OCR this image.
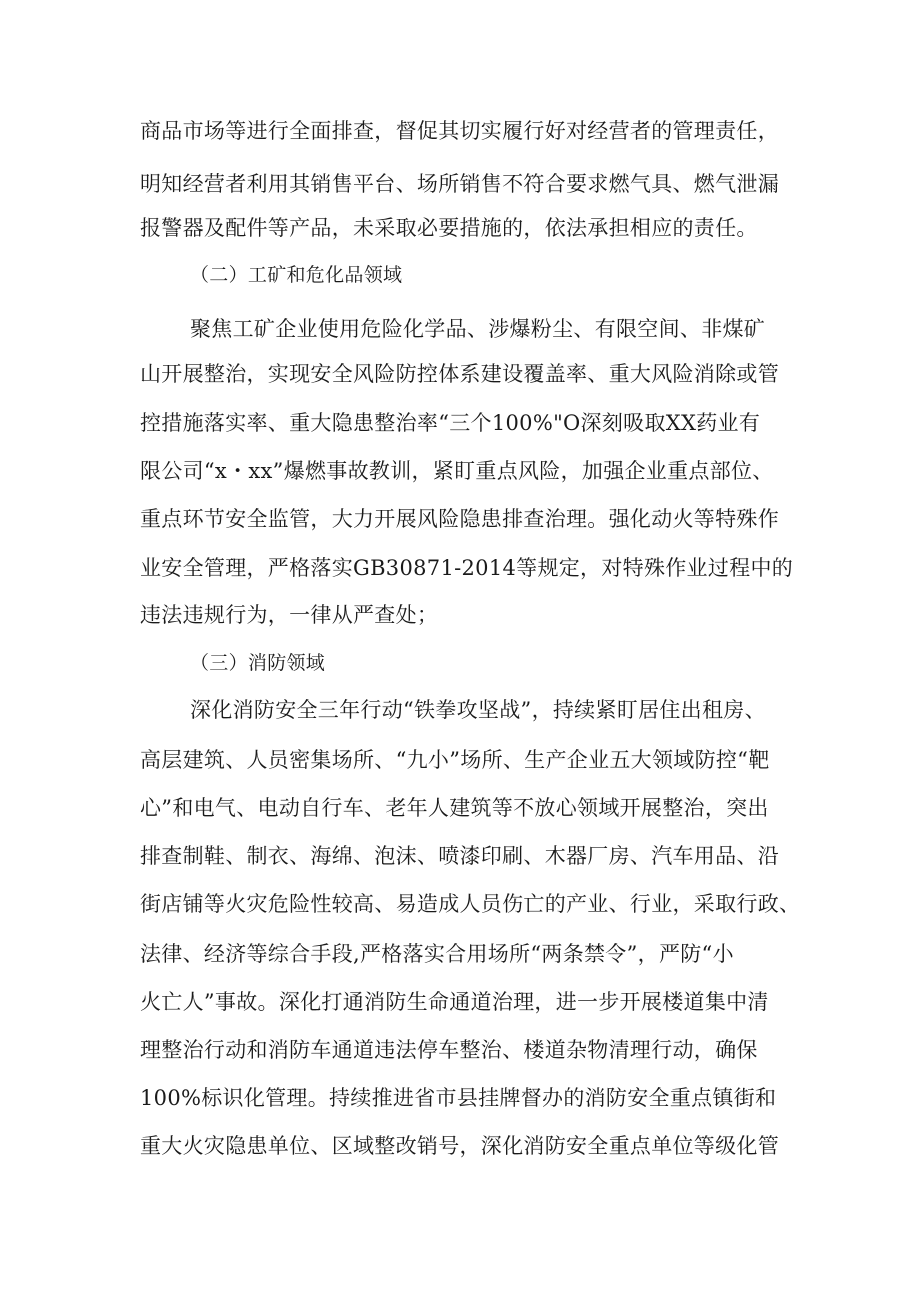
商品市场等进行全面排查，督促其切实履行好对经营者的管理责任，
明知经营者利用其销售平台、场所销售不符合要求燃气具、燃气泄漏
报警器及配件等产品，未采取必要措施的，依法承担相应的责任。
（二）工矿和危化品领域
聚焦工矿企业使用危险化学品、涉爆粉尘、有限空间、非煤矿
山开展整治，实现安全风险防控体系建设覆盖率、重大风险消除或管
控措施落实率、重大隐患整治率“三个100%"O深刻吸取XX药业有
限公司“x・xx”爆燃事故教训，紧盯重点风险，加强企业重点部位、
重点环节安全监管，大力开展风险隐患排查治理。强化动火等特殊作
业安全管理，严格落实GB30871-2014等规定，对特殊作业过程中的
违法违规行为，一律从严查处；
（三）消防领域
深化消防安全三年行动“铁拳攻坚战”，持续紧盯居住出租房、
高层建筑、人员密集场所、“九小”场所、生产企业五大领域防控“靶
心”和电气、电动自行车、老年人建筑等不放心领域开展整治，突出
排查制鞋、制衣、海绵、泡沫、喷漆印刷、木器厂房、汽车用品、沿
街店铺等火灾危险性较高、易造成人员伤亡的产业、行业，采取行政、
法律、经济等综合手段,严格落实合用场所“两条禁令”，严防“小
火亡人”事故。深化打通消防生命通道治理，进一步开展楼道集中清
理整治行动和消防车通道违法停车整治、楼道杂物清理行动，确保
100%标识化管理。持续推进省市县挂牌督办的消防安全重点镇街和
重大火灾隐患单位、区域整改销号，深化消防安全重点单位等级化管
